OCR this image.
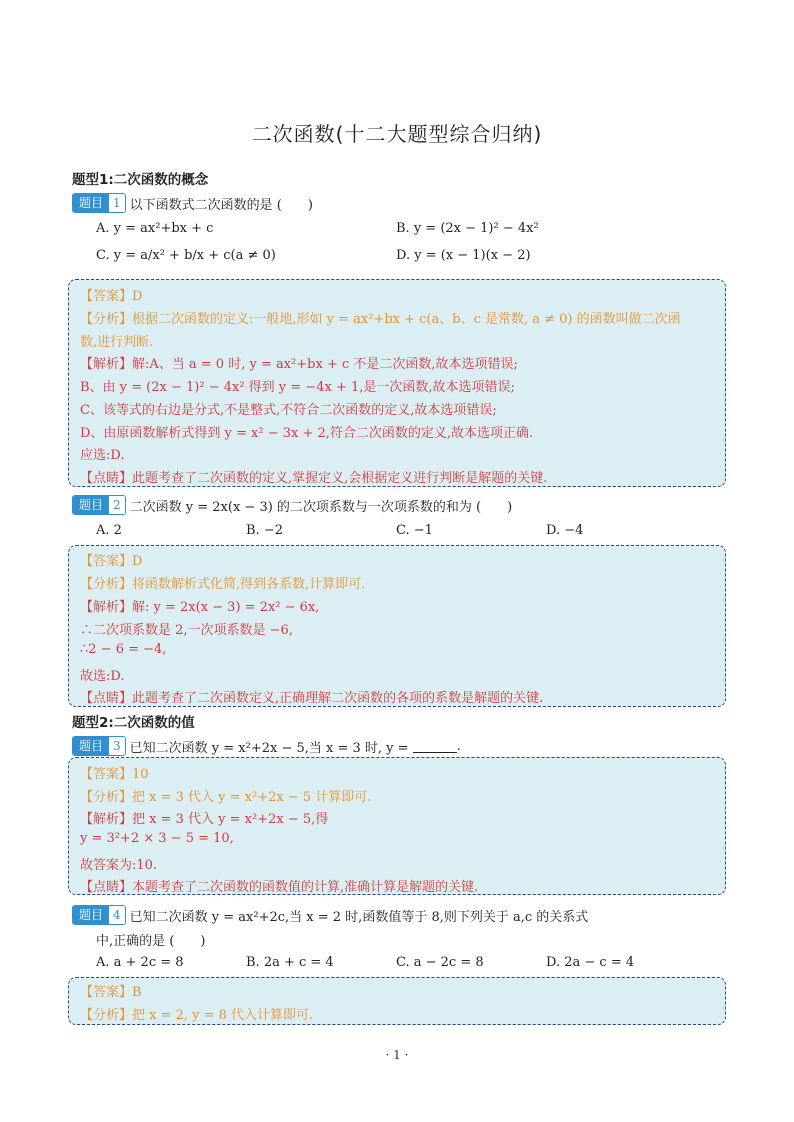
二次函数(十二大题型综合归纳)
题型1:二次函数的概念
题目 1 以下函数式二次函数的是 (　　)
A. y = ax²+bx + c	B. y = (2x − 1)² − 4x²
C. y = a/x² + b/x + c(a ≠ 0)	D. y = (x − 1)(x − 2)
【答案】D
【分析】根据二次函数的定义:一般地,形如 y = ax²+bx + c(a、b、c 是常数, a ≠ 0) 的函数叫做二次函
数,进行判断.
【解析】解:A、当 a = 0 时, y = ax²+bx + c 不是二次函数,故本选项错误;
B、由 y = (2x − 1)² − 4x² 得到 y = −4x + 1,是一次函数,故本选项错误;
C、该等式的右边是分式,不是整式,不符合二次函数的定义,故本选项错误;
D、由原函数解析式得到 y = x² − 3x + 2,符合二次函数的定义,故本选项正确.
应选:D.
【点睛】此题考查了二次函数的定义,掌握定义,会根据定义进行判断是解题的关键.
题目 2 二次函数 y = 2x(x − 3) 的二次项系数与一次项系数的和为 (　　)
A. 2	B. −2	C. −1	D. −4
【答案】D
【分析】将函数解析式化简,得到各系数,计算即可.
【解析】解: y = 2x(x − 3) = 2x² − 6x,
∴二次项系数是 2,一次项系数是 −6,
∴2 − 6 = −4,
故选:D.
【点睛】此题考查了二次函数定义,正确理解二次函数的各项的系数是解题的关键.
题型2:二次函数的值
题目 3 已知二次函数 y = x²+2x − 5,当 x = 3 时, y =	.
【答案】10
【分析】把 x = 3 代入 y = x²+2x − 5 计算即可.
【解析】把 x = 3 代入 y = x²+2x − 5,得
y = 3²+2 × 3 − 5 = 10,
故答案为:10.
【点睛】本题考查了二次函数的函数值的计算,准确计算是解题的关键.
题目 4 已知二次函数 y = ax²+2c,当 x = 2 时,函数值等于 8,则下列关于 a,c 的关系式
中,正确的是 (　　)
A. a + 2c = 8	B. 2a + c = 4	C. a − 2c = 8	D. 2a − c = 4
【答案】B
【分析】把 x = 2, y = 8 代入计算即可.
· 1 ·
